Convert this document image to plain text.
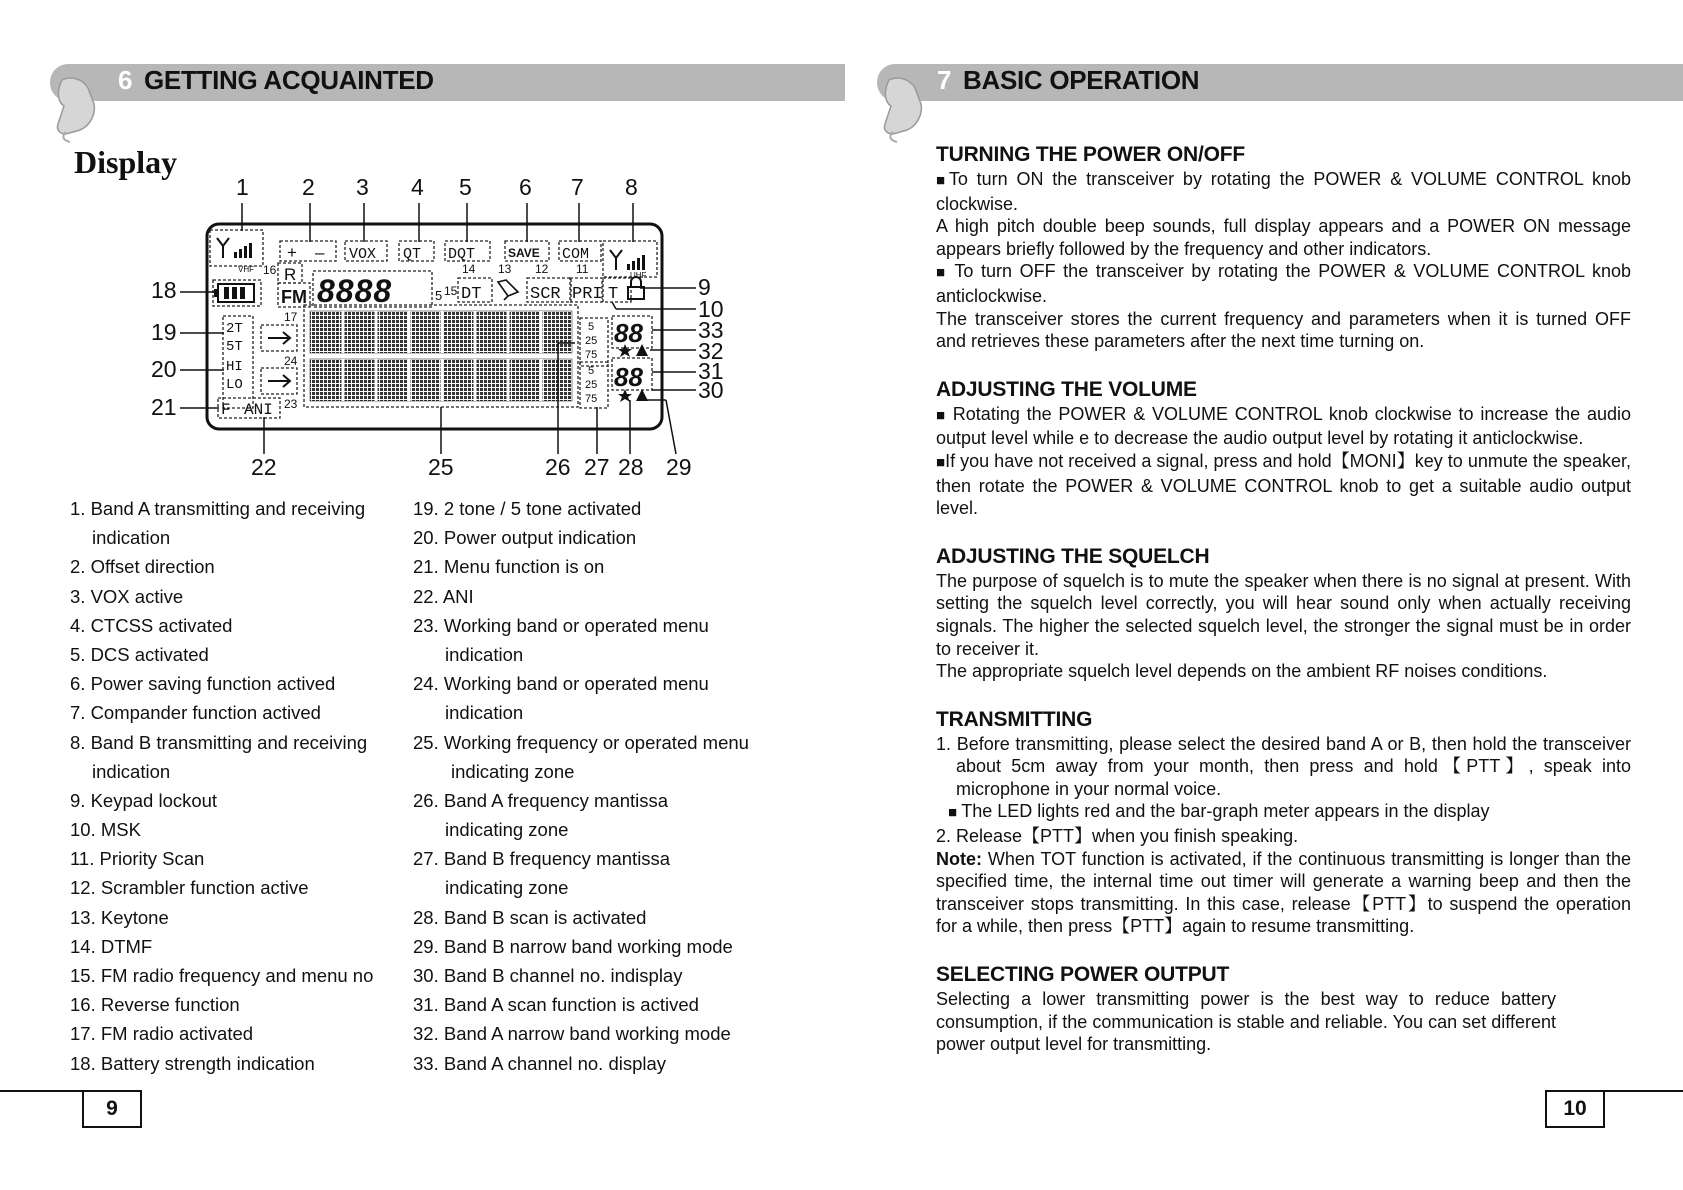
6 GETTING ACQUAINTED
Display
+ – VOX QT DQT	SAVE COM
VHF
UHF
R
FM 8888	5 DT	SCR PRI T
2T
5T
HI
LO
F ANI
5
25
75
5
25
75
88
88
1 2 3 4 5 6 7 8
18
19
20
21
9
10
33
32
31
30
22	25	26 27 28 29
16
17
24
23
15
14 13 12 11
1. Band A transmitting and receiving
indication
2. Offset direction
3. VOX active
4. CTCSS activated
5. DCS activated
6. Power saving function actived
7. Compander function actived
8. Band B transmitting and receiving
indication
9. Keypad lockout
10. MSK
11. Priority Scan
12. Scrambler function active
13. Keytone
14. DTMF
15. FM radio frequency and menu no
16. Reverse function
17. FM radio activated
18. Battery strength indication
19. 2 tone / 5 tone activated
20. Power output indication
21. Menu function is on
22. ANI
23. Working band or operated menu
indication
24. Working band or operated menu
indication
25. Working frequency or operated menu
indicating zone
26. Band A frequency mantissa
indicating zone
27. Band B frequency mantissa
indicating zone
28. Band B scan is activated
29. Band B narrow band working mode
30. Band B channel no. indisplay
31. Band A scan function is actived
32. Band A narrow band working mode
33. Band A channel no. display
9
7 BASIC OPERATION
TURNING THE POWER ON/OFF

■To turn ON the transceiver by rotating the POWER & VOLUME CONTROL knob clockwise.

A high pitch double beep sounds, full display appears and a POWER ON message appears briefly followed by the frequency and other indicators.

■ To turn OFF the transceiver by rotating the POWER & VOLUME CONTROL knob anticlockwise.

The transceiver stores the current frequency and parameters when it is turned OFF and retrieves these parameters after the next time turning on.

ADJUSTING THE VOLUME

■ Rotating the POWER & VOLUME CONTROL knob clockwise to increase the audio output level while e to decrease the audio output level by rotating it anticlockwise.

■If you have not received a signal, press and hold【MONI】key to unmute the speaker, then rotate the POWER & VOLUME CONTROL knob to get a suitable audio output level.

ADJUSTING THE SQUELCH

The purpose of squelch is to mute the speaker when there is no signal at present. With setting the squelch level correctly, you will hear sound only when actually receiving signals. The higher the selected squelch level, the stronger the signal must be in order to receiver it.

The appropriate squelch level depends on the ambient RF noises conditions.

TRANSMITTING

1. Before transmitting, please select the desired band A or B, then hold the transceiver about 5cm away from your month, then press and hold【PTT】, speak into microphone in your normal voice.

■ The LED lights red and the bar-graph meter appears in the display

2. Release【PTT】when you finish speaking.

Note: When TOT function is activated, if the continuous transmitting is longer than the specified time, the internal time out timer will generate a warning beep and then the transceiver stops transmitting. In this case, release【PTT】to suspend the operation for a while, then press【PTT】again to resume transmitting.

SELECTING POWER OUTPUT

Selecting a lower transmitting power is the best way to reduce battery consumption, if the communication is stable and reliable. You can set different power output level for transmitting.

10
